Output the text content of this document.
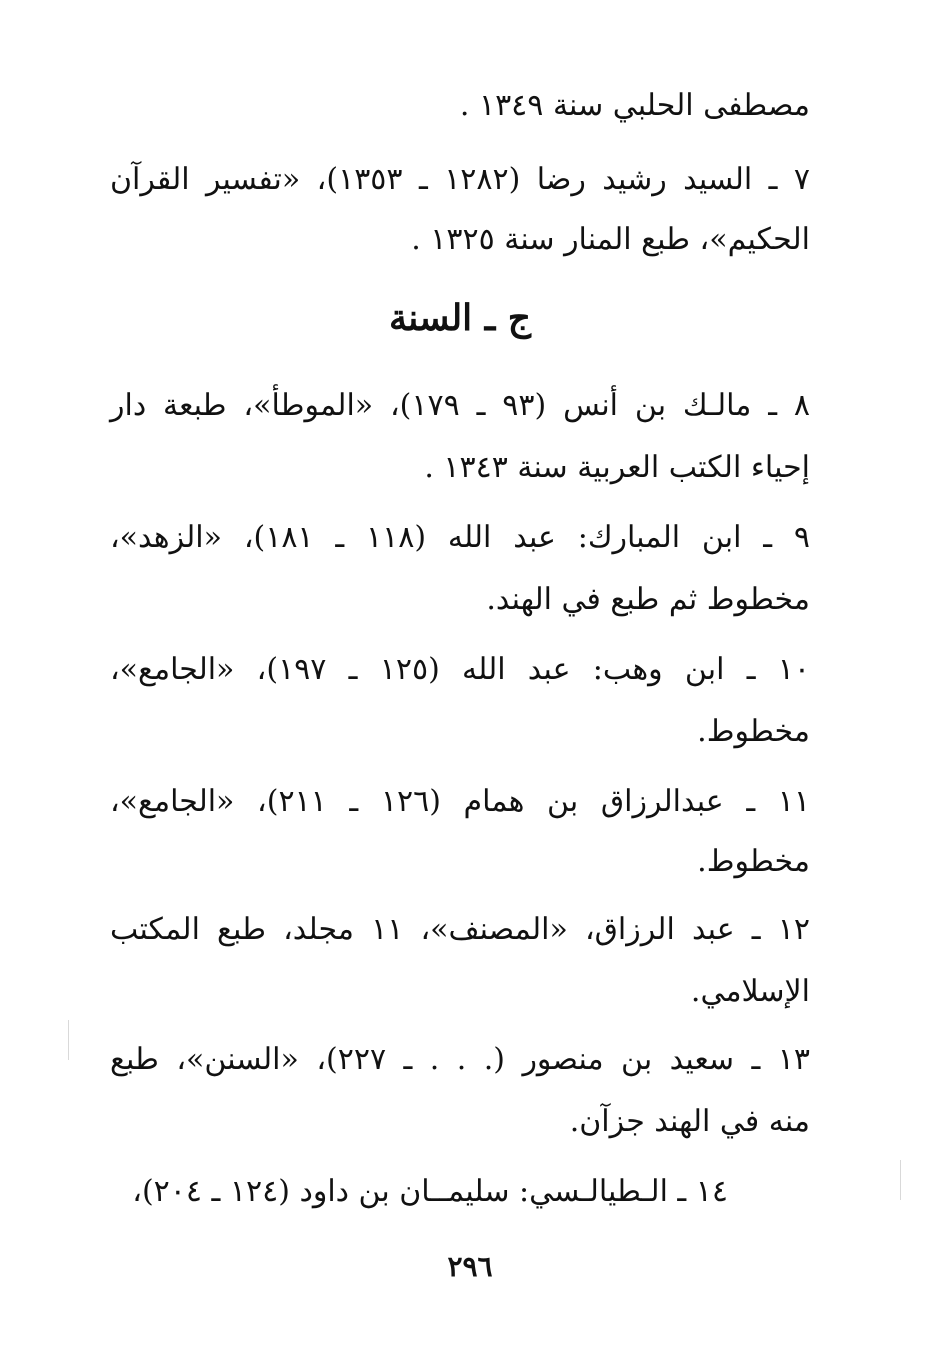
مصطفى الحلبي سنة ١٣٤٩ .
٧ ـ السيد رشيد رضا (١٢٨٢ ـ ١٣٥٣)، «تفسير القرآن
الحكيم»، طبع المنار سنة ١٣٢٥ .
ج ـ السنة
٨ ـ مالـك بن أنس (٩٣ ـ ١٧٩)، «الموطأ»، طبعة دار
إحياء الكتب العربية سنة ١٣٤٣ .
٩ ـ ابن المبارك: عبد الله (١١٨ ـ ١٨١)، «الزهد»،
مخطوط ثم طبع في الهند.
١٠ ـ ابن وهب: عبد الله (١٢٥ ـ ١٩٧)، «الجامع»،
مخطوط.
١١ ـ عبدالرزاق بن همام (١٢٦ ـ ٢١١)، «الجامع»،
مخطوط.
١٢ ـ عبد الرزاق، «المصنف»، ١١ مجلد، طبع المكتب
الإسلامي.
١٣ ـ سعيد بن منصور (. . . ـ ٢٢٧)، «السنن»، طبع
منه في الهند جزآن.
١٤ ـ الـطيالـسي: سليمــان بن داود (١٢٤ ـ ٢٠٤)،
٢٩٦
